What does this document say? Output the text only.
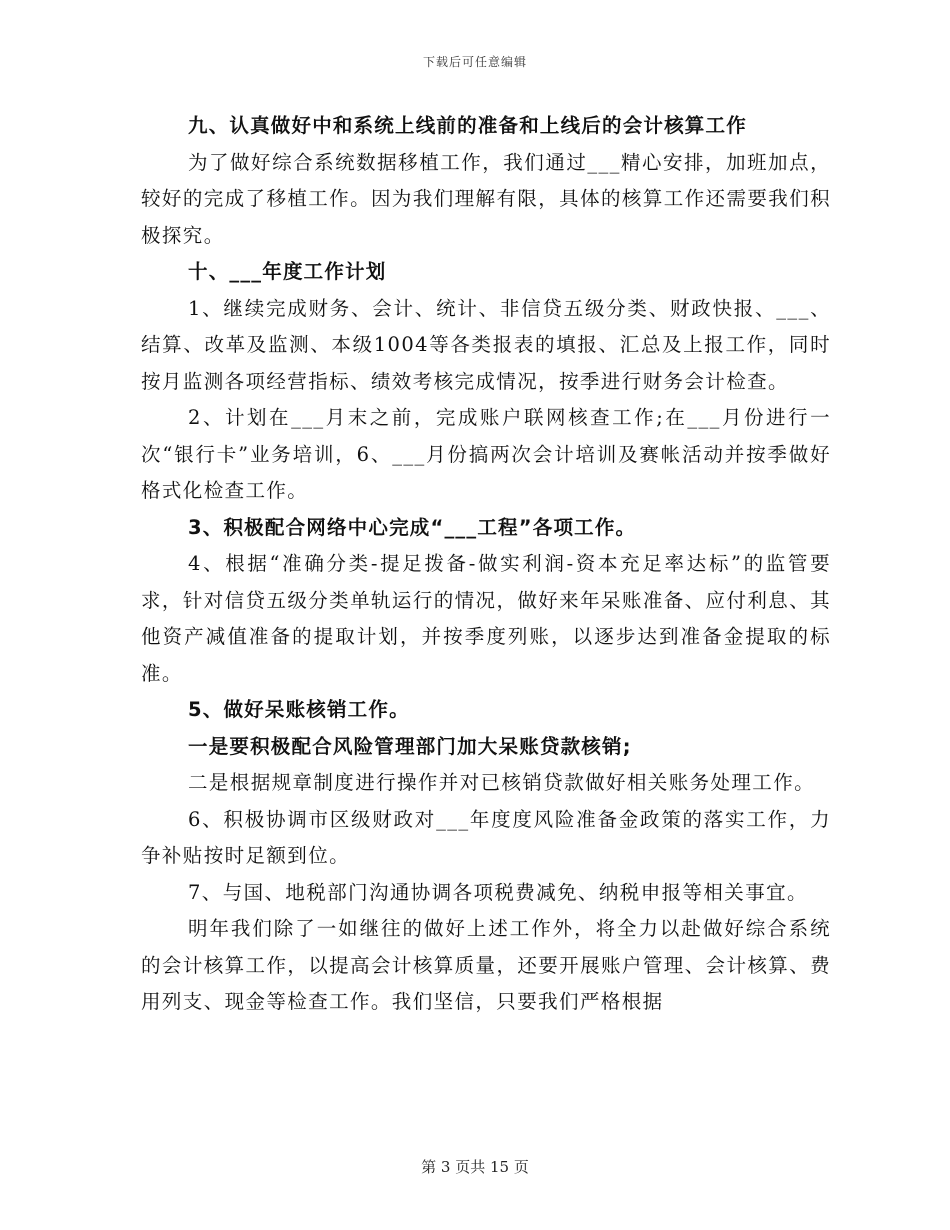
下载后可任意编辑

九、认真做好中和系统上线前的准备和上线后的会计核算工作

为了做好综合系统数据移植工作，我们通过___精心安排，加班加点，较好的完成了移植工作。因为我们理解有限，具体的核算工作还需要我们积极探究。

十、___年度工作计划

1、继续完成财务、会计、统计、非信贷五级分类、财政快报、___、结算、改革及监测、本级1004等各类报表的填报、汇总及上报工作，同时按月监测各项经营指标、绩效考核完成情况，按季进行财务会计检查。

2、计划在___月末之前，完成账户联网核查工作;在___月份进行一次“银行卡”业务培训，6、___月份搞两次会计培训及赛帐活动并按季做好格式化检查工作。

3、积极配合网络中心完成“___工程”各项工作。

4、根据“准确分类-提足拨备-做实利润-资本充足率达标”的监管要求，针对信贷五级分类单轨运行的情况，做好来年呆账准备、应付利息、其他资产减值准备的提取计划，并按季度列账，以逐步达到准备金提取的标准。

5、做好呆账核销工作。

一是要积极配合风险管理部门加大呆账贷款核销;

二是根据规章制度进行操作并对已核销贷款做好相关账务处理工作。

6、积极协调市区级财政对___年度度风险准备金政策的落实工作，力争补贴按时足额到位。

7、与国、地税部门沟通协调各项税费减免、纳税申报等相关事宜。

明年我们除了一如继往的做好上述工作外，将全力以赴做好综合系统的会计核算工作，以提高会计核算质量，还要开展账户管理、会计核算、费用列支、现金等检查工作。我们坚信，只要我们严格根据

第 3 页共 15 页
